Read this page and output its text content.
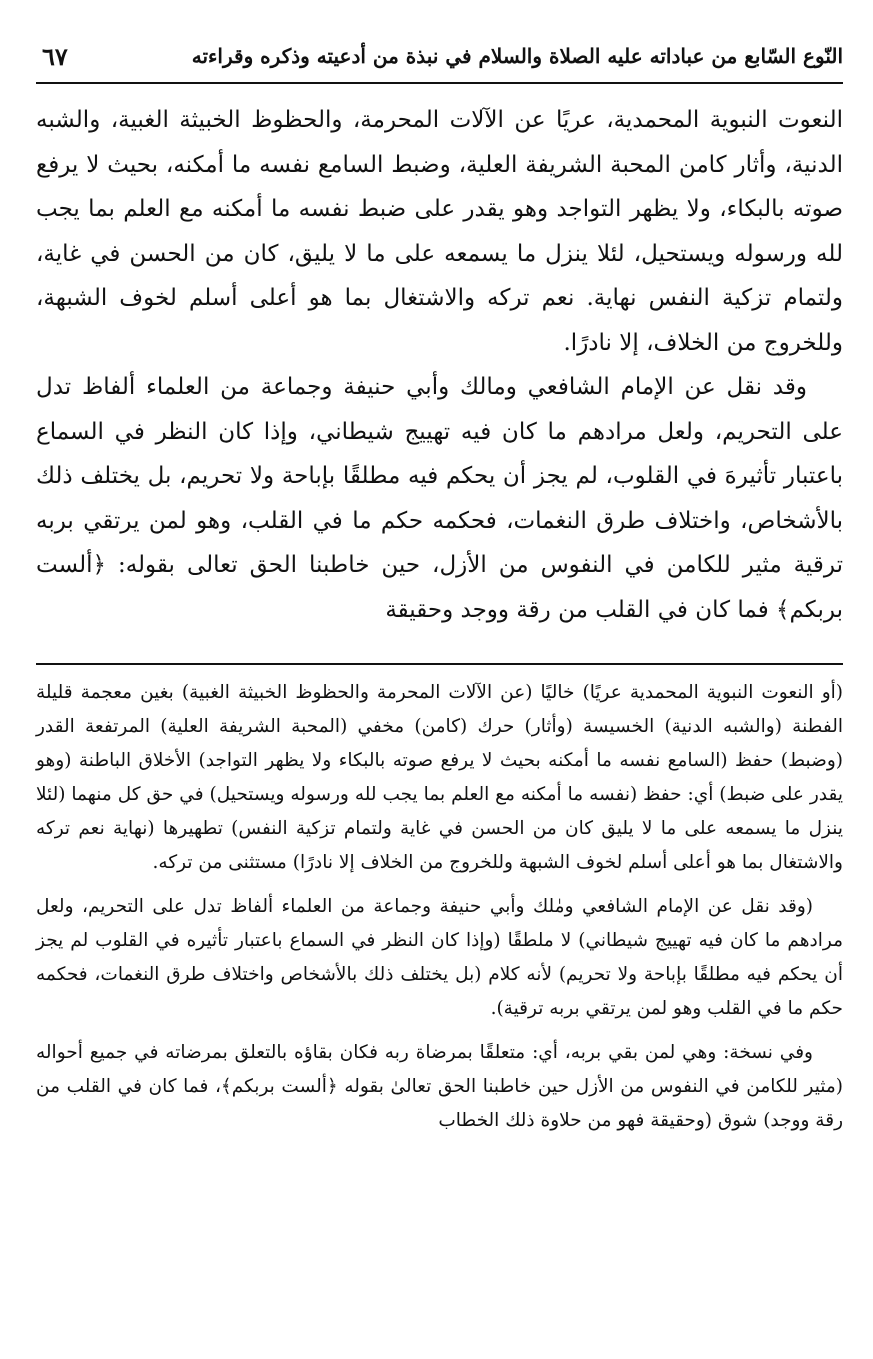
النّوع السّابع من عباداته عليه الصلاة والسلام في نبذة من أدعيته وذكره وقراءته
٦٧

النعوت النبوية المحمدية، عريًا عن الآلات المحرمة، والحظوظ الخبيثة الغبية، والشبه الدنية، وأثار كامن المحبة الشريفة العلية، وضبط السامع نفسه ما أمكنه، بحيث لا يرفع صوته بالبكاء، ولا يظهر التواجد وهو يقدر على ضبط نفسه ما أمكنه مع العلم بما يجب لله ورسوله ويستحيل، لئلا ينزل ما يسمعه على ما لا يليق، كان من الحسن في غاية، ولتمام تزكية النفس نهاية. نعم تركه والاشتغال بما هو أعلى أسلم لخوف الشبهة، وللخروج من الخلاف، إلا نادرًا.

وقد نقل عن الإمام الشافعي ومالك وأبي حنيفة وجماعة من العلماء ألفاظ تدل على التحريم، ولعل مرادهم ما كان فيه تهييج شيطاني، وإذا كان النظر في السماع باعتبار تأثيرهَ في القلوب، لم يجز أن يحكم فيه مطلقًا بإباحة ولا تحريم، بل يختلف ذلك بالأشخاص، واختلاف طرق النغمات، فحكمه حكم ما في القلب، وهو لمن يرتقي بربه ترقية مثير للكامن في النفوس من الأزل، حين خاطبنا الحق تعالى بقوله: ﴿ألست بربكم﴾ فما كان في القلب من رقة ووجد وحقيقة

(أو النعوت النبوية المحمدية عريًا) خاليًا (عن الآلات المحرمة والحظوظ الخبيثة الغبية) بغين معجمة قليلة الفطنة (والشبه الدنية) الخسيسة (وأثار) حرك (كامن) مخفي (المحبة الشريفة العلية) المرتفعة القدر (وضبط) حفظ (السامع نفسه ما أمكنه بحيث لا يرفع صوته بالبكاء ولا يظهر التواجد) الأخلاق الباطنة (وهو يقدر على ضبط) أي: حفظ (نفسه ما أمكنه مع العلم بما يجب لله ورسوله ويستحيل) في حق كل منهما (لئلا ينزل ما يسمعه على ما لا يليق كان من الحسن في غاية ولتمام تزكية النفس) تطهيرها (نهاية نعم تركه والاشتغال بما هو أعلى أسلم لخوف الشبهة وللخروج من الخلاف إلا نادرًا) مستثنى من تركه.

(وقد نقل عن الإمام الشافعي ومٰلك وأبي حنيفة وجماعة من العلماء ألفاظ تدل على التحريم، ولعل مرادهم ما كان فيه تهييج شيطاني) لا ملطقًا (وإذا كان النظر في السماع باعتبار تأثيره في القلوب لم يجز أن يحكم فيه مطلقًا بإباحة ولا تحريم) لأنه كلام (بل يختلف ذلك بالأشخاص واختلاف طرق النغمات، فحكمه حكم ما في القلب وهو لمن يرتقي بربه ترقية).

وفي نسخة: وهي لمن بقي بربه، أي: متعلقًا بمرضاة ربه فكان بقاؤه بالتعلق بمرضاته في جميع أحواله (مثير للكامن في النفوس من الأزل حين خاطبنا الحق تعالىٰ بقوله ﴿ألست بربكم﴾، فما كان في القلب من رقة ووجد) شوق (وحقيقة فهو من حلاوة ذلك الخطاب
